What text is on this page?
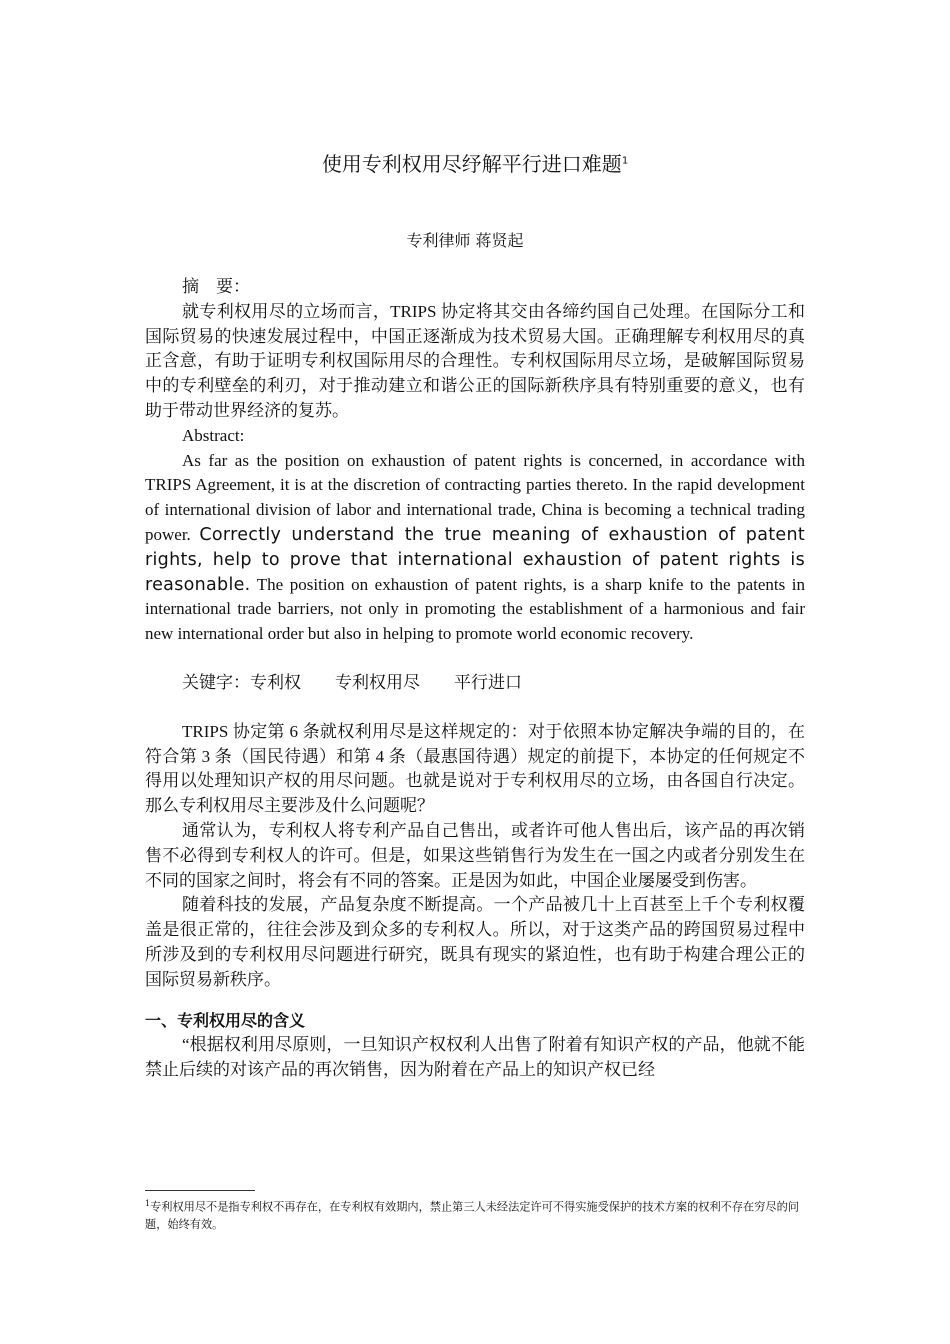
使用专利权用尽纾解平行进口难题$^1$
专利律师 蒋贤起

摘　要：

就专利权用尽的立场而言，TRIPS 协定将其交由各缔约国自己处理。在国际分工和国际贸易的快速发展过程中，中国正逐渐成为技术贸易大国。正确理解专利权用尽的真正含意，有助于证明专利权国际用尽的合理性。专利权国际用尽立场，是破解国际贸易中的专利壁垒的利刃，对于推动建立和谐公正的国际新秩序具有特别重要的意义，也有助于带动世界经济的复苏。

Abstract:

As far as the position on exhaustion of patent rights is concerned, in accordance with TRIPS Agreement, it is at the discretion of contracting parties thereto. In the rapid development of international division of labor and international trade, China is becoming a technical trading power. Correctly understand the true meaning of exhaustion of patent rights, help to prove that international exhaustion of patent rights is reasonable. The position on exhaustion of patent rights, is a sharp knife to the patents in international trade barriers, not only in promoting the establishment of a harmonious and fair new international order but also in helping to promote world economic recovery.

关键字：专利权　　专利权用尽　　平行进口

TRIPS 协定第 6 条就权利用尽是这样规定的：对于依照本协定解决争端的目的，在符合第 3 条（国民待遇）和第 4 条（最惠国待遇）规定的前提下，本协定的任何规定不得用以处理知识产权的用尽问题。也就是说对于专利权用尽的立场，由各国自行决定。那么专利权用尽主要涉及什么问题呢？

通常认为，专利权人将专利产品自己售出，或者许可他人售出后，该产品的再次销售不必得到专利权人的许可。但是，如果这些销售行为发生在一国之内或者分别发生在不同的国家之间时，将会有不同的答案。正是因为如此，中国企业屡屡受到伤害。

随着科技的发展，产品复杂度不断提高。一个产品被几十上百甚至上千个专利权覆盖是很正常的，往往会涉及到众多的专利权人。所以，对于这类产品的跨国贸易过程中所涉及到的专利权用尽问题进行研究，既具有现实的紧迫性，也有助于构建合理公正的国际贸易新秩序。

一、专利权用尽的含义

“根据权利用尽原则，一旦知识产权权利人出售了附着有知识产权的产品，他就不能禁止后续的对该产品的再次销售，因为附着在产品上的知识产权已经

$^1$专利权用尽不是指专利权不再存在，在专利权有效期内，禁止第三人未经法定许可不得实施受保护的技术方案的权利不存在穷尽的问题，始终有效。
